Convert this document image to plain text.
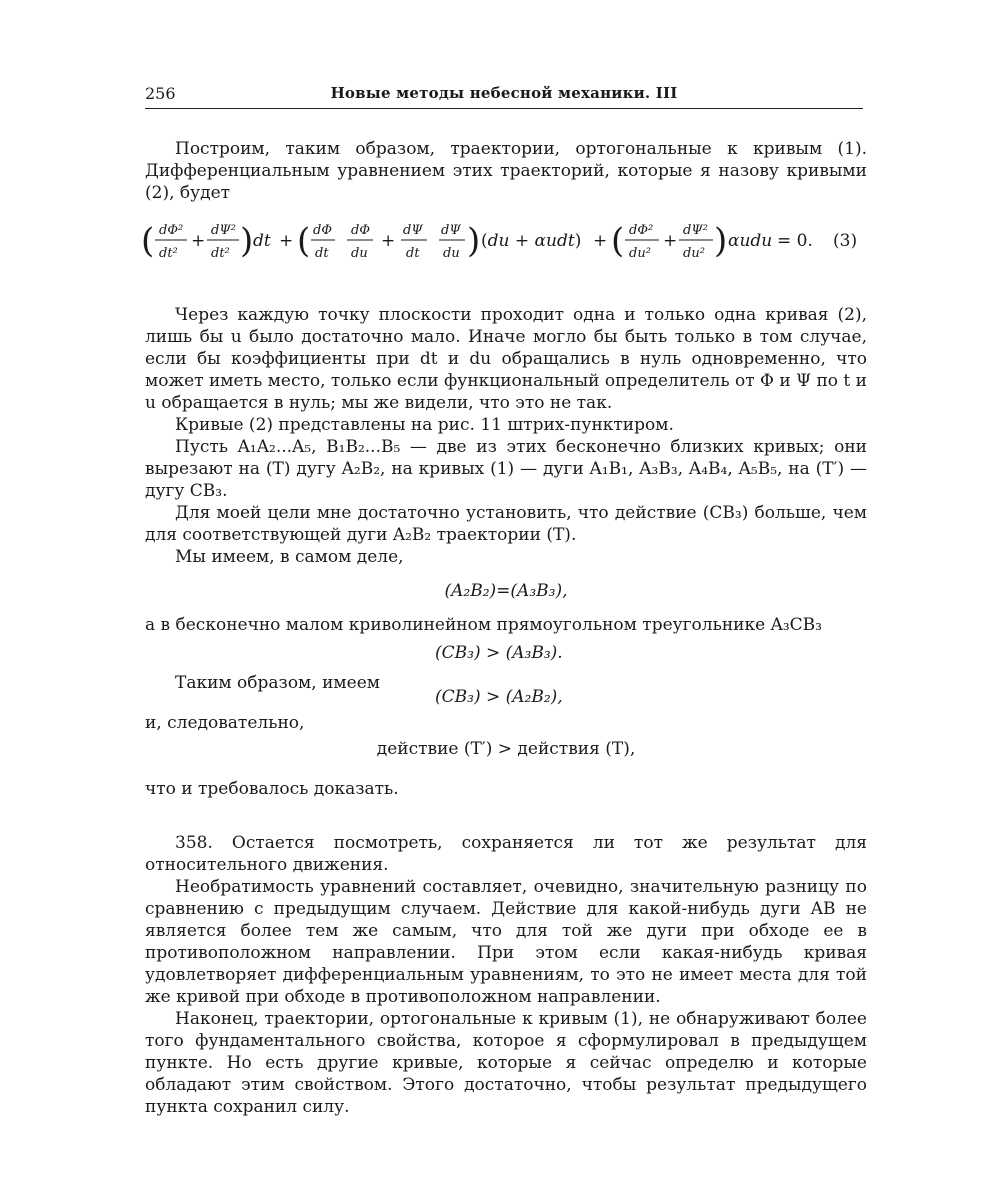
256	Новые методы небесной механики. III

Построим, таким образом, траектории, ортогональные к кривым (1). Дифференциальным уравнением этих траекторий, которые я назову кривыми (2), будет

( dΦ²
dt²
+
dΨ²
dt² ) dt + ( dΦ
dt
dΦ
du
+
dΨ
dt
dΨ
du ) (du + αudt) + ( dΦ²
du²
+
dΨ²
du² ) αudu = 0. (3)

Через каждую точку плоскости проходит одна и только одна кривая (2), лишь бы u было достаточно мало. Иначе могло бы быть только в том случае, если бы коэффициенты при dt и du обращались в нуль одновременно, что может иметь место, только если функциональный определитель от Φ и Ψ по t и u обращается в нуль; мы же видели, что это не так.

Кривые (2) представлены на рис. 11 штрих-пунктиром.

Пусть A₁A₂...A₅, B₁B₂...B₅ — две из этих бесконечно близких кривых; они вырезают на (T) дугу A₂B₂, на кривых (1) — дуги A₁B₁, A₃B₃, A₄B₄, A₅B₅, на (T′) — дугу CB₃.

Для моей цели мне достаточно установить, что действие (CB₃) больше, чем для соответствующей дуги A₂B₂ траектории (T).

Мы имеем, в самом деле,

(A₂B₂)=(A₃B₃),

а в бесконечно малом криволинейном прямоугольном треугольнике A₃CB₃

(CB₃) > (A₃B₃).
Таким образом, имеем
(CB₃) > (A₂B₂),
и, следовательно,

действие (T′) > действия (T),

что и требовалось доказать.

358. Остается посмотреть, сохраняется ли тот же результат для относительного движения.

Необратимость уравнений составляет, очевидно, значительную разницу по сравнению с предыдущим случаем. Действие для какой-нибудь дуги AB не является более тем же самым, что для той же дуги при обходе ее в противоположном направлении. При этом если какая-нибудь кривая удовлетворяет дифференциальным уравнениям, то это не имеет места для той же кривой при обходе в противоположном направлении.

Наконец, траектории, ортогональные к кривым (1), не обнаруживают более того фундаментального свойства, которое я сформулировал в предыдущем пункте. Но есть другие кривые, которые я сейчас определю и которые обладают этим свойством. Этого достаточно, чтобы результат предыдущего пункта сохранил силу.
